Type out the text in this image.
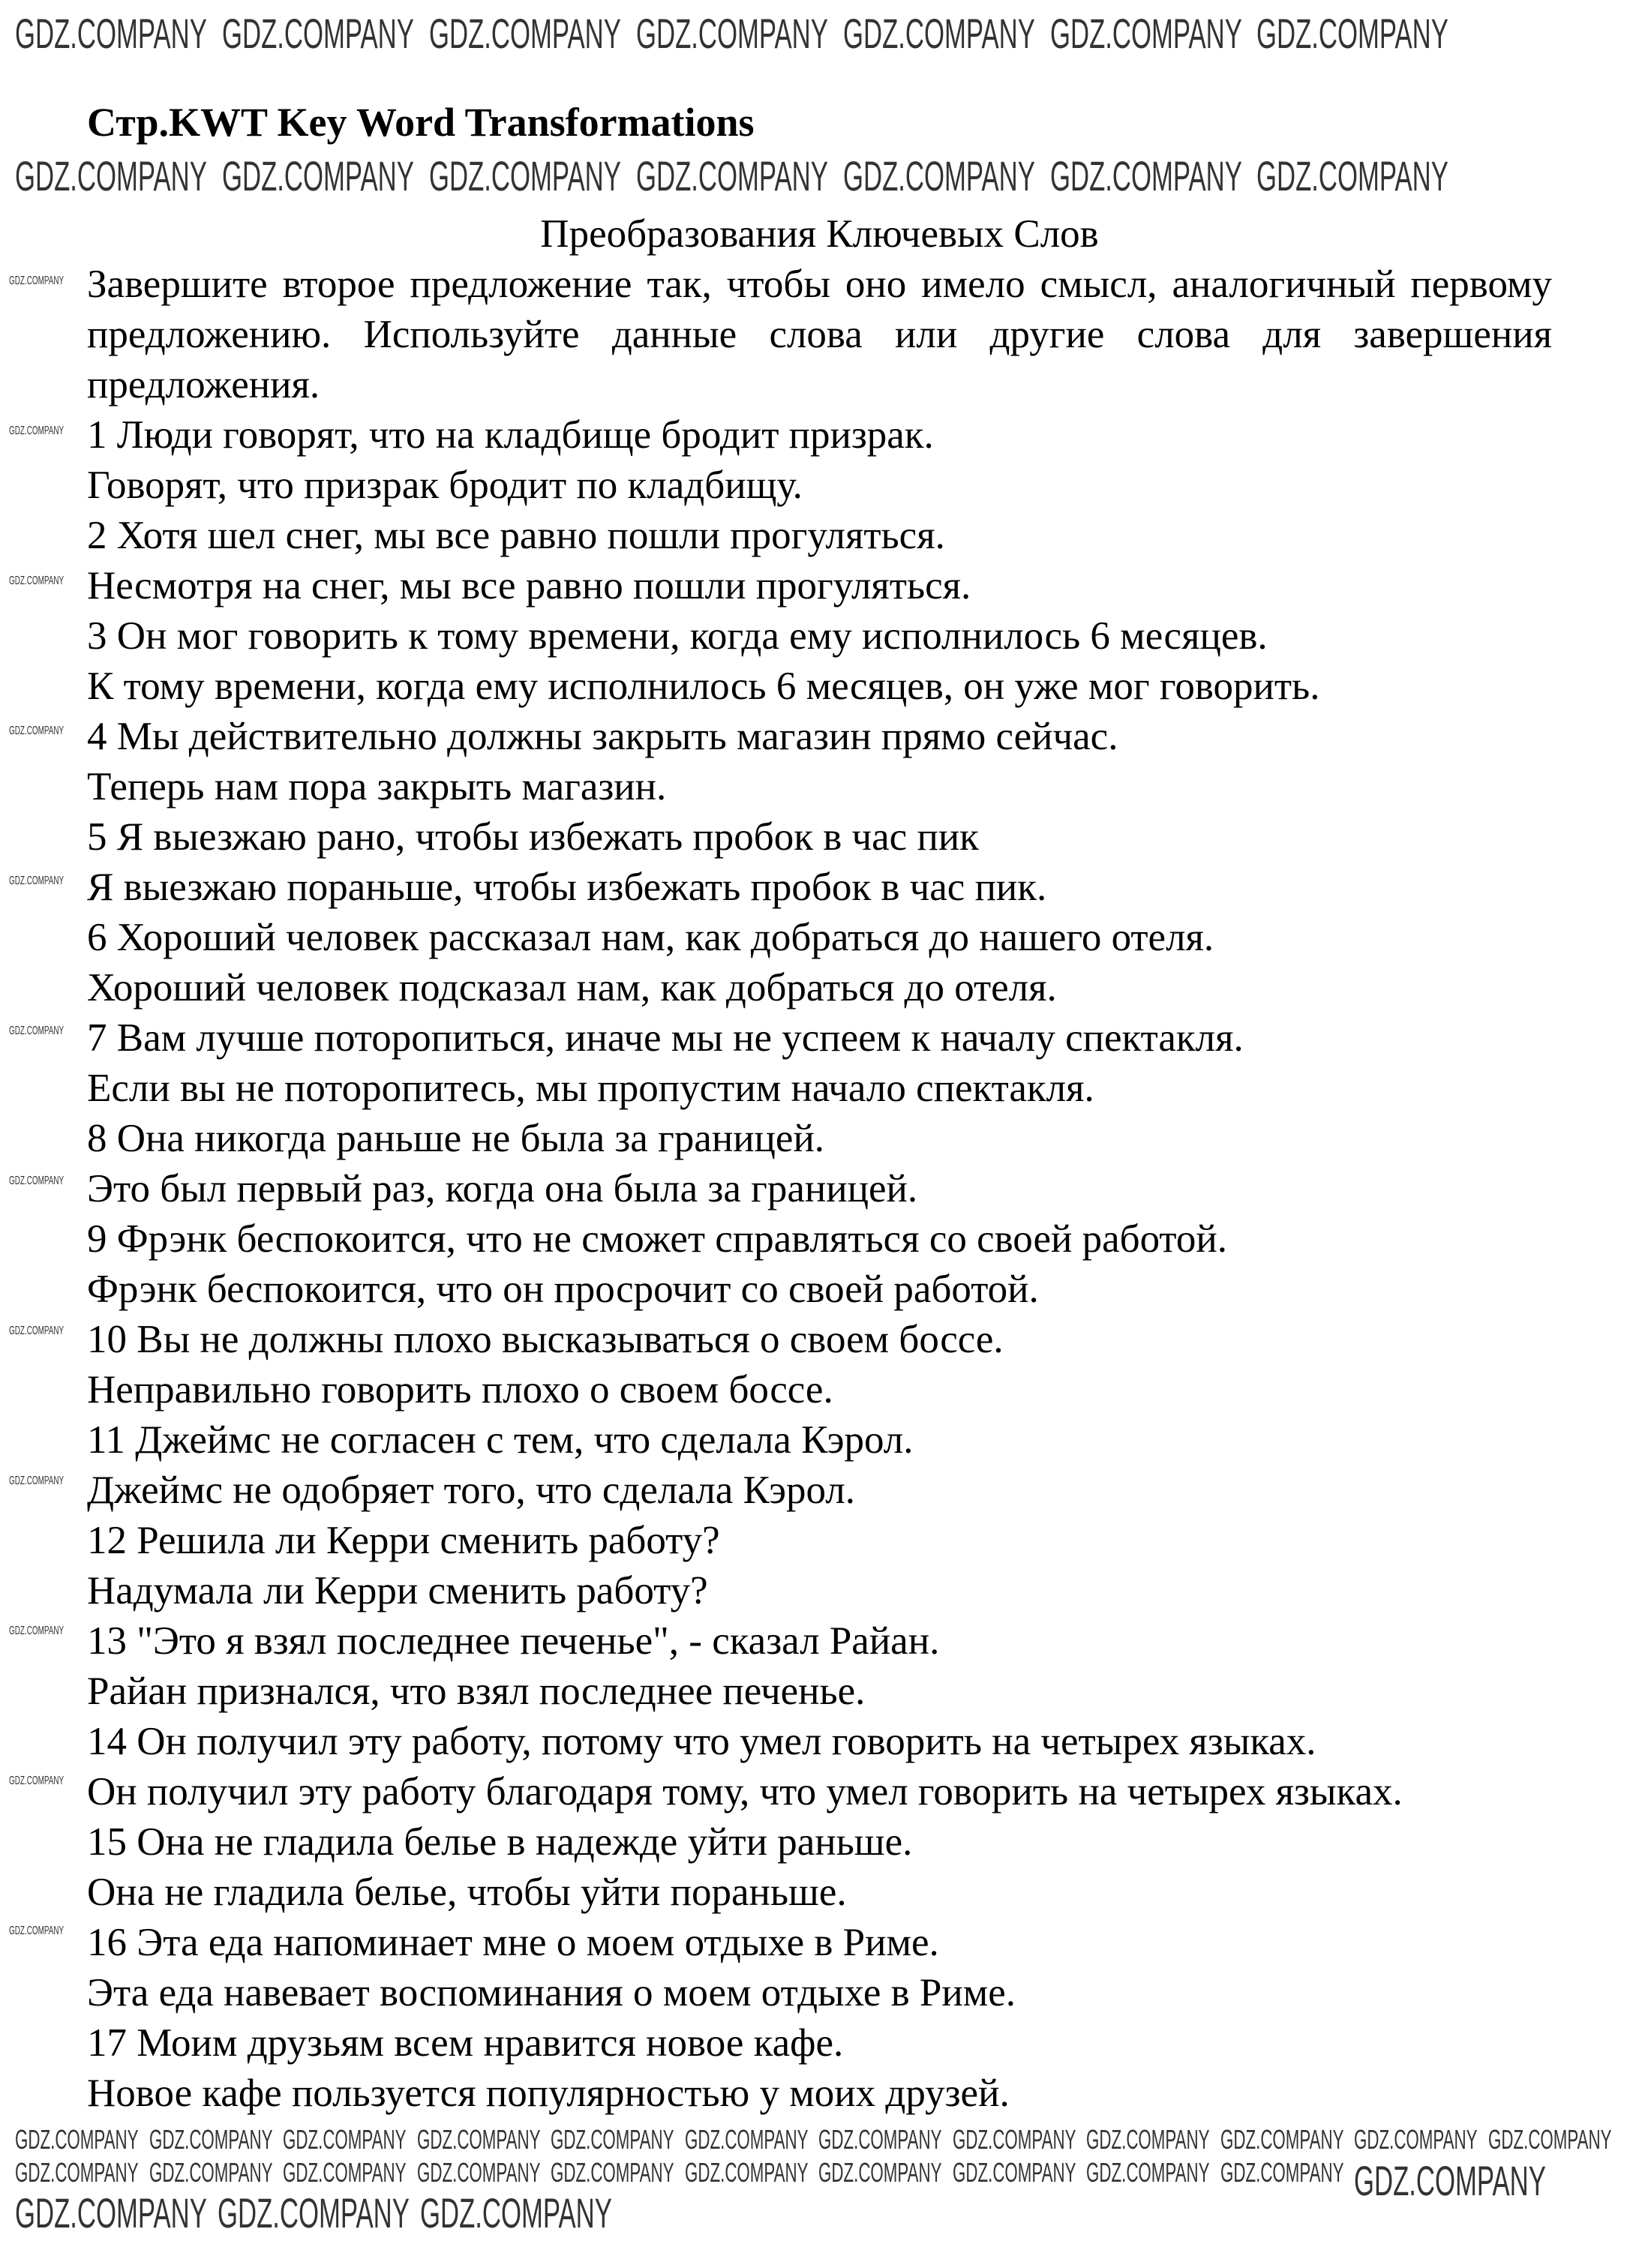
Стр.KWT Key Word Transformations
Преобразования Ключевых Слов

Завершите второе предложение так, чтобы оно имело смысл, аналогичный первому предложению. Используйте данные слова или другие слова для завершения предложения.

1 Люди говорят, что на кладбище бродит призрак.

Говорят, что призрак бродит по кладбищу.

2 Хотя шел снег, мы все равно пошли прогуляться.

Несмотря на снег, мы все равно пошли прогуляться.

3 Он мог говорить к тому времени, когда ему исполнилось 6 месяцев.

К тому времени, когда ему исполнилось 6 месяцев, он уже мог говорить.

4 Мы действительно должны закрыть магазин прямо сейчас.

Теперь нам пора закрыть магазин.

5 Я выезжаю рано, чтобы избежать пробок в час пик

Я выезжаю пораньше, чтобы избежать пробок в час пик.

6 Хороший человек рассказал нам, как добраться до нашего отеля.

Хороший человек подсказал нам, как добраться до отеля.

7 Вам лучше поторопиться, иначе мы не успеем к началу спектакля.

Если вы не поторопитесь, мы пропустим начало спектакля.

8 Она никогда раньше не была за границей.

Это был первый раз, когда она была за границей.

9 Фрэнк беспокоится, что не сможет справляться со своей работой.

Фрэнк беспокоится, что он просрочит со своей работой.

10 Вы не должны плохо высказываться о своем боссе.

Неправильно говорить плохо о своем боссе.

11 Джеймс не согласен с тем, что сделала Кэрол.

Джеймс не одобряет того, что сделала Кэрол.

12 Решила ли Керри сменить работу?

Надумала ли Керри сменить работу?

13 "Это я взял последнее печенье", - сказал Райан.

Райан признался, что взял последнее печенье.

14 Он получил эту работу, потому что умел говорить на четырех языках.

Он получил эту работу благодаря тому, что умел говорить на четырех языках.

15 Она не гладила белье в надежде уйти раньше.

Она не гладила белье, чтобы уйти пораньше.

16 Эта еда напоминает мне о моем отдыхе в Риме.

Эта еда навевает воспоминания о моем отдыхе в Риме.

17 Моим друзьям всем нравится новое кафе.

Новое кафе пользуется популярностью у моих друзей.

GDZ.COMPANY GDZ.COMPANY GDZ.COMPANY GDZ.COMPANY GDZ.COMPANY GDZ.COMPANY GDZ.COMPANY
GDZ.COMPANY GDZ.COMPANY GDZ.COMPANY GDZ.COMPANY GDZ.COMPANY GDZ.COMPANY GDZ.COMPANY
GDZ.COMPANY
GDZ.COMPANY GDZ.COMPANY GDZ.COMPANY
GDZ.COMPANY GDZ.COMPANY GDZ.COMPANY GDZ.COMPANY GDZ.COMPANY GDZ.COMPANY GDZ.COMPANY GDZ.COMPANY GDZ.COMPANY GDZ.COMPANY GDZ.COMPANY GDZ.COMPANY
GDZ.COMPANY GDZ.COMPANY GDZ.COMPANY GDZ.COMPANY GDZ.COMPANY GDZ.COMPANY GDZ.COMPANY GDZ.COMPANY GDZ.COMPANY GDZ.COMPANY
GDZ.COMPANY
GDZ.COMPANY
GDZ.COMPANY
GDZ.COMPANY
GDZ.COMPANY
GDZ.COMPANY
GDZ.COMPANY
GDZ.COMPANY
GDZ.COMPANY
GDZ.COMPANY
GDZ.COMPANY
GDZ.COMPANY
